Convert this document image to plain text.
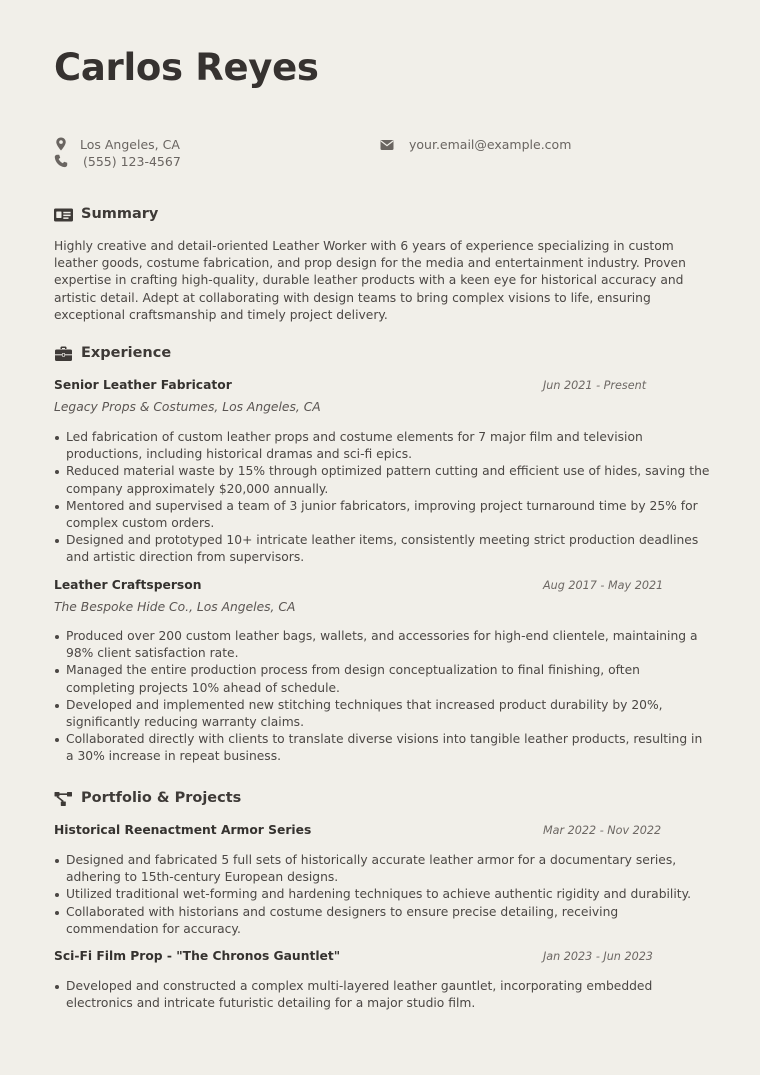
Carlos Reyes
Los Angeles, CA
(555) 123-4567
your.email@example.com
Summary

Highly creative and detail-oriented Leather Worker with 6 years of experience specializing in custom leather goods, costume fabrication, and prop design for the media and entertainment industry. Proven expertise in crafting high-quality, durable leather products with a keen eye for historical accuracy and artistic detail. Adept at collaborating with design teams to bring complex visions to life, ensuring exceptional craftsmanship and timely project delivery.

Experience
Senior Leather Fabricator	Jun 2021 - Present
Legacy Props & Costumes, Los Angeles, CA
Led fabrication of custom leather props and costume elements for 7 major film and television productions, including historical dramas and sci-fi epics.
Reduced material waste by 15% through optimized pattern cutting and efficient use of hides, saving the company approximately $20,000 annually.
Mentored and supervised a team of 3 junior fabricators, improving project turnaround time by 25% for complex custom orders.
Designed and prototyped 10+ intricate leather items, consistently meeting strict production deadlines and artistic direction from supervisors.
Leather Craftsperson	Aug 2017 - May 2021
The Bespoke Hide Co., Los Angeles, CA
Produced over 200 custom leather bags, wallets, and accessories for high-end clientele, maintaining a 98% client satisfaction rate.
Managed the entire production process from design conceptualization to final finishing, often completing projects 10% ahead of schedule.
Developed and implemented new stitching techniques that increased product durability by 20%, significantly reducing warranty claims.
Collaborated directly with clients to translate diverse visions into tangible leather products, resulting in a 30% increase in repeat business.
Portfolio & Projects
Historical Reenactment Armor Series	Mar 2022 - Nov 2022
Designed and fabricated 5 full sets of historically accurate leather armor for a documentary series, adhering to 15th-century European designs.
Utilized traditional wet-forming and hardening techniques to achieve authentic rigidity and durability.
Collaborated with historians and costume designers to ensure precise detailing, receiving commendation for accuracy.
Sci-Fi Film Prop - "The Chronos Gauntlet"	Jan 2023 - Jun 2023
Developed and constructed a complex multi-layered leather gauntlet, incorporating embedded electronics and intricate futuristic detailing for a major studio film.
